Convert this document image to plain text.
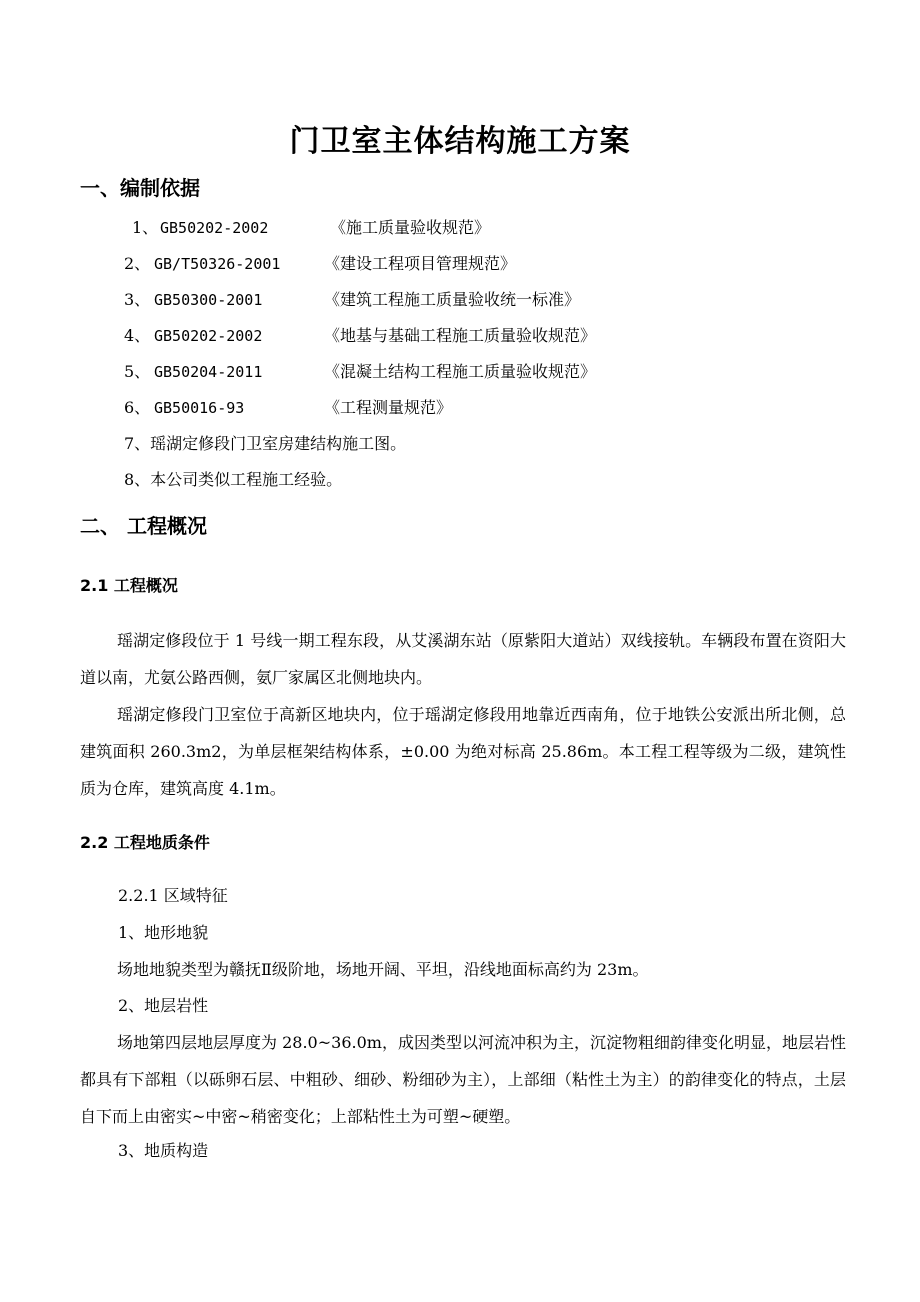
门卫室主体结构施工方案
一、编制依据
1、 GB50202-2002	《施工质量验收规范》
2、 GB/T50326-2001	《建设工程项目管理规范》
3、 GB50300-2001	《建筑工程施工质量验收统一标准》
4、 GB50202-2002	《地基与基础工程施工质量验收规范》
5、 GB50204-2011	《混凝土结构工程施工质量验收规范》
6、 GB50016-93	《工程测量规范》
7、瑶湖定修段门卫室房建结构施工图。
8、本公司类似工程施工经验。
二、 工程概况
2.1 工程概况
瑶湖定修段位于 1 号线一期工程东段，从艾溪湖东站（原紫阳大道站）双线接轨。车辆段布置在资阳大道以南，尤氨公路西侧，氨厂家属区北侧地块内。
瑶湖定修段门卫室位于高新区地块内，位于瑶湖定修段用地靠近西南角，位于地铁公安派出所北侧，总建筑面积 260.3m2，为单层框架结构体系，±0.00 为绝对标高 25.86m。本工程工程等级为二级，建筑性质为仓库，建筑高度 4.1m。
2.2 工程地质条件
2.2.1 区域特征
1、地形地貌
场地地貌类型为赣抚Ⅱ级阶地，场地开阔、平坦，沿线地面标高约为 23m。
2、地层岩性
场地第四层地层厚度为 28.0~36.0m，成因类型以河流冲积为主，沉淀物粗细韵律变化明显，地层岩性都具有下部粗（以砾卵石层、中粗砂、细砂、粉细砂为主），上部细（粘性土为主）的韵律变化的特点，土层自下而上由密实~中密~稍密变化；上部粘性土为可塑~硬塑。
3、地质构造
